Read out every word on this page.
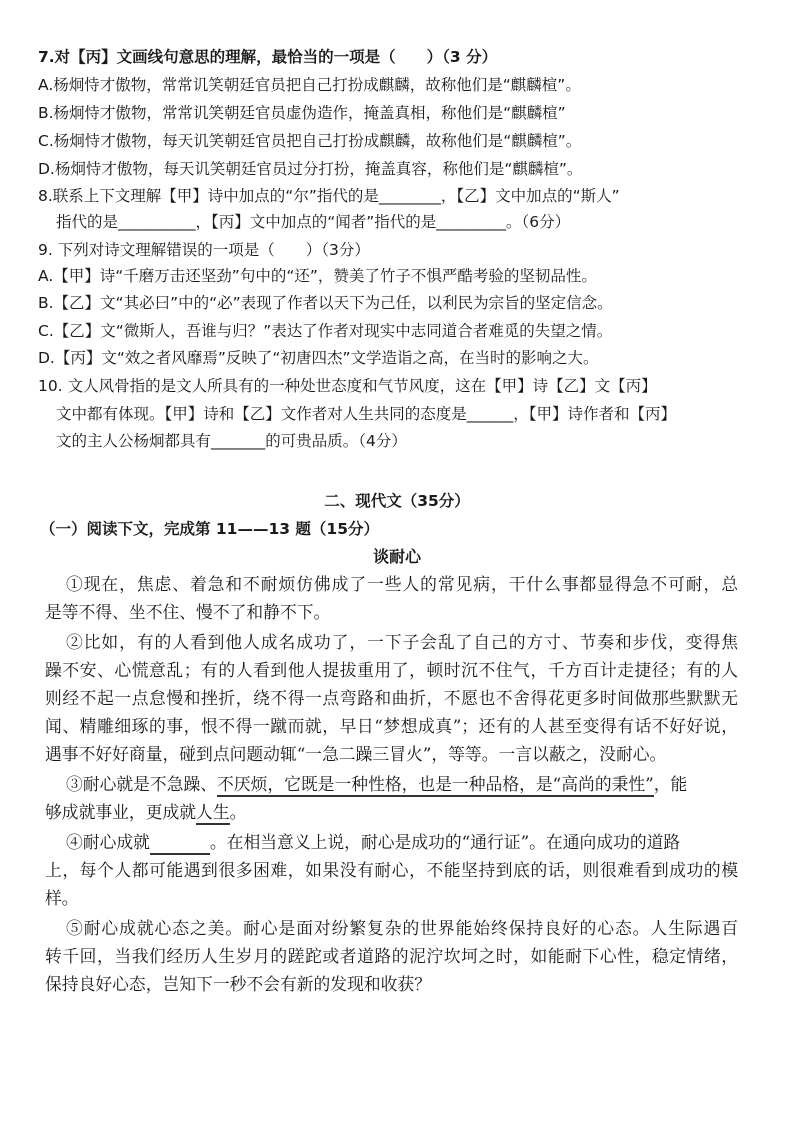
7.对【丙】文画线句意思的理解，最恰当的一项是（　　）（3 分）
A.杨炯恃才傲物，常常讥笑朝廷官员把自己打扮成麒麟，故称他们是“麒麟楦”。
B.杨炯恃才傲物，常常讥笑朝廷官员虚伪造作，掩盖真相，称他们是“麒麟楦”
C.杨炯恃才傲物，每天讥笑朝廷官员把自己打扮成麒麟，故称他们是“麒麟楦”。
D.杨炯恃才傲物，每天讥笑朝廷官员过分打扮，掩盖真容，称他们是“麒麟楦”。
8.联系上下文理解【甲】诗中加点的“尔”指代的是________，【乙】文中加点的“斯人”
指代的是__________，【丙】文中加点的“闻者”指代的是_________。（6分）
9. 下列对诗文理解错误的一项是（　　）（3分）
A.【甲】诗“千磨万击还坚劲”句中的“还”，赞美了竹子不惧严酷考验的坚韧品性。
B.【乙】文“其必曰”中的“必”表现了作者以天下为己任，以利民为宗旨的坚定信念。
C.【乙】文“微斯人，吾谁与归？”表达了作者对现实中志同道合者难觅的失望之情。
D.【丙】文“效之者风靡焉”反映了“初唐四杰”文学造诣之高，在当时的影响之大。
10. 文人风骨指的是文人所具有的一种处世态度和气节风度，这在【甲】诗【乙】文【丙】
文中都有体现。【甲】诗和【乙】文作者对人生共同的态度是______，【甲】诗作者和【丙】
文的主人公杨炯都具有_______的可贵品质。（4分）
二、现代文（35分）
（一）阅读下文，完成第 11——13 题（15分）
谈耐心
①现在，焦虑、着急和不耐烦仿佛成了一些人的常见病，干什么事都显得急不可耐，总
是等不得、坐不住、慢不了和静不下。
②比如，有的人看到他人成名成功了，一下子会乱了自己的方寸、节奏和步伐，变得焦
躁不安、心慌意乱；有的人看到他人提拔重用了，顿时沉不住气，千方百计走捷径；有的人
则经不起一点怠慢和挫折，绕不得一点弯路和曲折，不愿也不舍得花更多时间做那些默默无
闻、精雕细琢的事，恨不得一蹴而就，早日“梦想成真”；还有的人甚至变得有话不好好说，
遇事不好好商量，碰到点问题动辄“一急二躁三冒火”，等等。一言以蔽之，没耐心。
③耐心就是不急躁、不厌烦，它既是一种性格，也是一种品格，是“高尚的秉性”，能
够成就事业，更成就人生。
④耐心成就　　　	。在相当意义上说，耐心是成功的“通行证”。在通向成功的道路
上，每个人都可能遇到很多困难，如果没有耐心，不能坚持到底的话，则很难看到成功的模
样。
⑤耐心成就心态之美。耐心是面对纷繁复杂的世界能始终保持良好的心态。人生际遇百
转千回，当我们经历人生岁月的蹉跎或者道路的泥泞坎坷之时，如能耐下心性，稳定情绪，
保持良好心态，岂知下一秒不会有新的发现和收获？
